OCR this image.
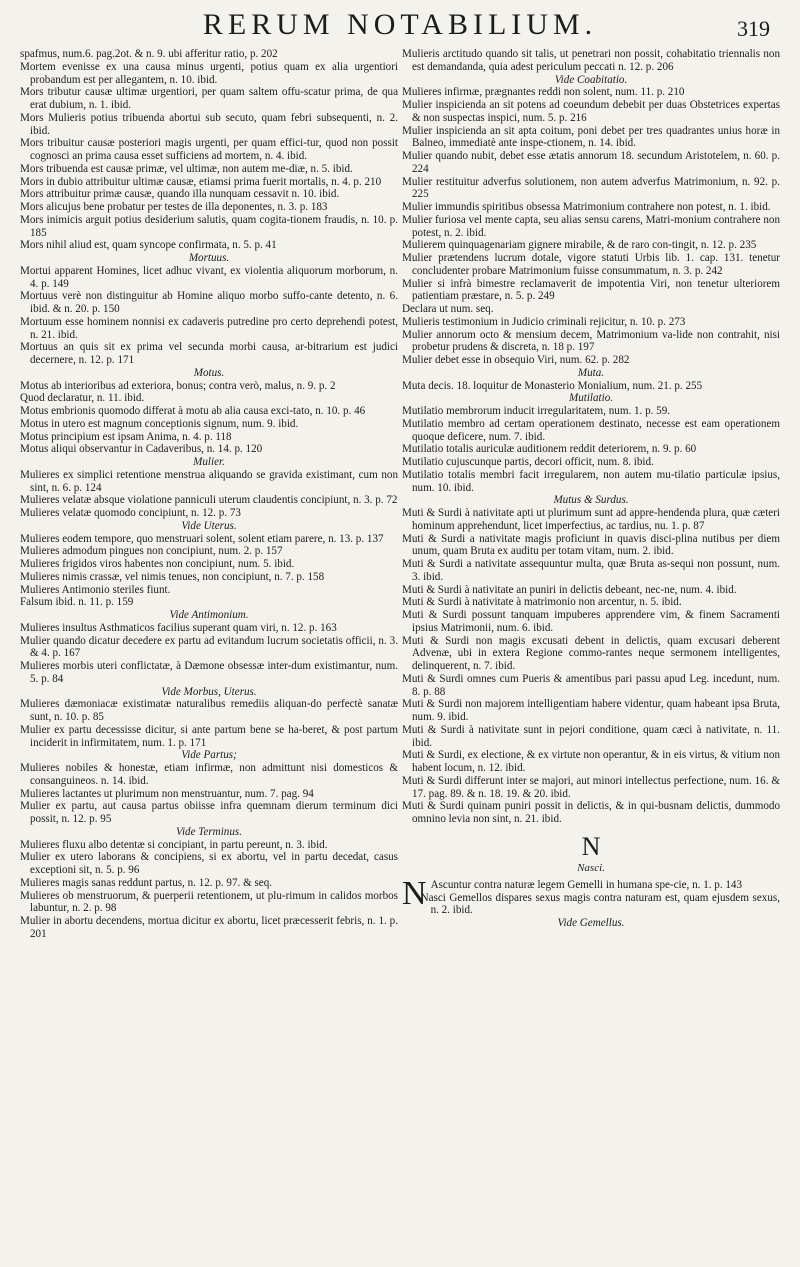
RERUM NOTABILIUM.	319
spafmus, num.6. pag.2ot. & n. 9. ubi afferitur ratio, p. 202
Mortem evenisse ex una causa minus urgenti, potius quam ex alia urgentiori probandum est per allegantem, n. 10. ibid.
Mors tributur causæ ultimæ urgentiori, per quam saltem offu-scatur prima, de qua erat dubium, n. 1. ibid.
Mors Mulieris potius tribuenda abortui sub secuto, quam febri subsequenti, n. 2. ibid.
Mors tribuitur causæ posteriori magis urgenti, per quam effici-tur, quod non possit cognosci an prima causa esset sufficiens ad mortem, n. 4. ibid.
Mors tribuenda est causæ primæ, vel ultimæ, non autem me-diæ, n. 5. ibid.
Mors in dubio attribuitur ultimæ causæ, etiamsi prima fuerit mortalis, n. 4. p. 210
Mors attribuitur primæ causæ, quando illa nunquam cessavit n. 10. ibid.
Mors alicujus bene probatur per testes de illa deponentes, n. 3. p. 183
Mors inimicis arguit potius desiderium salutis, quam cogita-tionem fraudis, n. 10. p. 185
Mors nihil aliud est, quam syncope confirmata, n. 5. p. 41
Mortuus.
Mortui apparent Homines, licet adhuc vivant, ex violentia aliquorum morborum, n. 4. p. 149
Mortuus verè non distinguitur ab Homine aliquo morbo suffo-cante detento, n. 6. ibid. & n. 20. p. 150
Mortuum esse hominem nonnisi ex cadaveris putredine pro certo deprehendi potest, n. 21. ibid.
Mortuus an quis sit ex prima vel secunda morbi causa, ar-bitrarium est judici decernere, n. 12. p. 171
Motus.
Motus ab interioribus ad exteriora, bonus; contra verò, malus, n. 9. p. 2
Quod declaratur, n. 11. ibid.
Motus embrionis quomodo differat à motu ab alia causa exci-tato, n. 10. p. 46
Motus in utero est magnum conceptionis signum, num. 9. ibid.
Motus principium est ipsam Anima, n. 4. p. 118
Motus aliqui observantur in Cadaveribus, n. 14. p. 120
Mulier.
Mulieres ex simplici retentione menstrua aliquando se gravida existimant, cum non sint, n. 6. p. 124
Mulieres velatæ absque violatione panniculi uterum claudentis concipiunt, n. 3. p. 72
Mulieres velatæ quomodo concipiunt, n. 12. p. 73
Vide Uterus.
Mulieres eodem tempore, quo menstruari solent, solent etiam parere, n. 13. p. 137
Mulieres admodum pingues non concipiunt, num. 2. p. 157
Mulieres frigidos viros habentes non concipiunt, num. 5. ibid.
Mulieres nimis crassæ, vel nimis tenues, non concipiunt, n. 7. p. 158
Mulieres Antimonio steriles fiunt.
Falsum ibid. n. 11. p. 159
Vide Antimonium.
Mulieres insultus Asthmaticos facilius superant quam viri, n. 12. p. 163
Mulier quando dicatur decedere ex partu ad evitandum lucrum societatis officii, n. 3. & 4. p. 167
Mulieres morbis uteri conflictatæ, à Dæmone obsessæ inter-dum existimantur, num. 5. p. 84
Vide Morbus, Uterus.
Mulieres dæmoniacæ existimatæ naturalibus remediis aliquan-do perfectè sanatæ sunt, n. 10. p. 85
Mulier ex partu decessisse dicitur, si ante partum bene se ha-beret, & post partum inciderit in infirmitatem, num. 1. p. 171
Vide Partus;
Mulieres nobiles & honestæ, etiam infirmæ, non admittunt nisi domesticos & consanguineos. n. 14. ibid.
Mulieres lactantes ut plurimum non menstruantur, num. 7. pag. 94
Mulier ex partu, aut causa partus obiisse infra quemnam dierum terminum dici possit, n. 12. p. 95
Vide Terminus.
Mulieres fluxu albo detentæ si concipiant, in partu pereunt, n. 3. ibid.
Mulier ex utero laborans & concipiens, si ex abortu, vel in partu decedat, casus exceptioni sit, n. 5. p. 96
Mulieres magis sanas reddunt partus, n. 12. p. 97. & seq.
Mulieres ob menstruorum, & puerperii retentionem, ut plu-rimum in calidos morbos labuntur, n. 2. p. 98
Mulier in abortu decendens, mortua dicitur ex abortu, licet præcesserit febris, n. 1. p. 201
Mulieris arctitudo quando sit talis, ut penetrari non possit, cohabitatio triennalis non est demandanda, quia adest periculum peccati n. 12. p. 206
Vide Coabitatio.
Mulieres infirmæ, prægnantes reddi non solent, num. 11. p. 210
Mulier inspicienda an sit potens ad coeundum debebit per duas Obstetrices expertas & non suspectas inspici, num. 5. p. 216
Mulier inspicienda an sit apta coitum, poni debet per tres quadrantes unius horæ in Balneo, immediatè ante inspe-ctionem, n. 14. ibid.
Mulier quando nubit, debet esse ætatis annorum 18. secundum Aristotelem, n. 60. p. 224
Mulier restituitur adverfus solutionem, non autem adverfus Matrimonium, n. 92. p. 225
Mulier immundis spiritibus obsessa Matrimonium contrahere non potest, n. 1. ibid.
Mulier furiosa vel mente capta, seu alias sensu carens, Matri-monium contrahere non potest, n. 2. ibid.
Mulierem quinquagenariam gignere mirabile, & de raro con-tingit, n. 12. p. 235
Mulier prætendens lucrum dotale, vigore statuti Urbis lib. 1. cap. 131. tenetur concludenter probare Matrimonium fuisse consummatum, n. 3. p. 242
Mulier si infrà bimestre reclamaverit de impotentia Viri, non tenetur ulteriorem patientiam præstare, n. 5. p. 249
Declara ut num. seq.
Mulieris testimonium in Judicio criminali rejicitur, n. 10. p. 273
Mulier annorum octo & mensium decem, Matrimonium va-lide non contrahit, nisi probetur prudens & discreta, n. 18 p. 197
Mulier debet esse in obsequio Viri, num. 62. p. 282
Muta.
Muta decis. 18. loquitur de Monasterio Monialium, num. 21. p. 255
Mutilatio.
Mutilatio membrorum inducit irregularitatem, num. 1. p. 59.
Mutilatio membro ad certam operationem destinato, necesse est eam operationem quoque deficere, num. 7. ibid.
Mutilatio totalis auriculæ auditionem reddit deteriorem, n. 9. p. 60
Mutilatio cujuscunque partis, decori officit, num. 8. ibid.
Mutilatio totalis membri facit irregularem, non autem mu-tilatio particulæ ipsius, num. 10. ibid.
Mutus & Surdus.
Muti & Surdi à nativitate apti ut plurimum sunt ad appre-hendenda plura, quæ cæteri hominum apprehendunt, licet imperfectius, ac tardius, nu. 1. p. 87
Muti & Surdi a nativitate magis proficiunt in quavis disci-plina nutibus per diem unum, quam Bruta ex auditu per totam vitam, num. 2. ibid.
Muti & Surdi a nativitate assequuntur multa, quæ Bruta as-sequi non possunt, num. 3. ibid.
Muti & Surdi à nativitate an puniri in delictis debeant, nec-ne, num. 4. ibid.
Muti & Surdi à nativitate à matrimonio non arcentur, n. 5. ibid.
Muti & Surdi possunt tanquam impuberes apprendere vim, & finem Sacramenti ipsius Matrimonii, num. 6. ibid.
Muti & Surdi non magis excusati debent in delictis, quam excusari deberent Advenæ, ubi in extera Regione commo-rantes neque sermonem intelligentes, delinquerent, n. 7. ibid.
Muti & Surdi omnes cum Pueris & amentibus pari passu apud Leg. incedunt, num. 8. p. 88
Muti & Surdi non majorem intelligentiam habere videntur, quam habeant ipsa Bruta, num. 9. ibid.
Muti & Surdi à nativitate sunt in pejori conditione, quam cæci à nativitate, n. 11. ibid.
Muti & Surdi, ex electione, & ex virtute non operantur, & in eis virtus, & vitium non habent locum, n. 12. ibid.
Muti & Surdi differunt inter se majori, aut minori intellectus perfectione, num. 16. & 17. pag. 89. & n. 18. 19. & 20. ibid.
Muti & Surdi quinam puniri possit in delictis, & in qui-busnam delictis, dummodo omnino levia non sint, n. 21. ibid.
N
Nasci.

N Ascuntur contra naturæ legem Gemelli in humana spe-cie, n. 1. p. 143

Nasci Gemellos dispares sexus magis contra naturam est, quam ejusdem sexus, n. 2. ibid.
Vide Gemellus.
